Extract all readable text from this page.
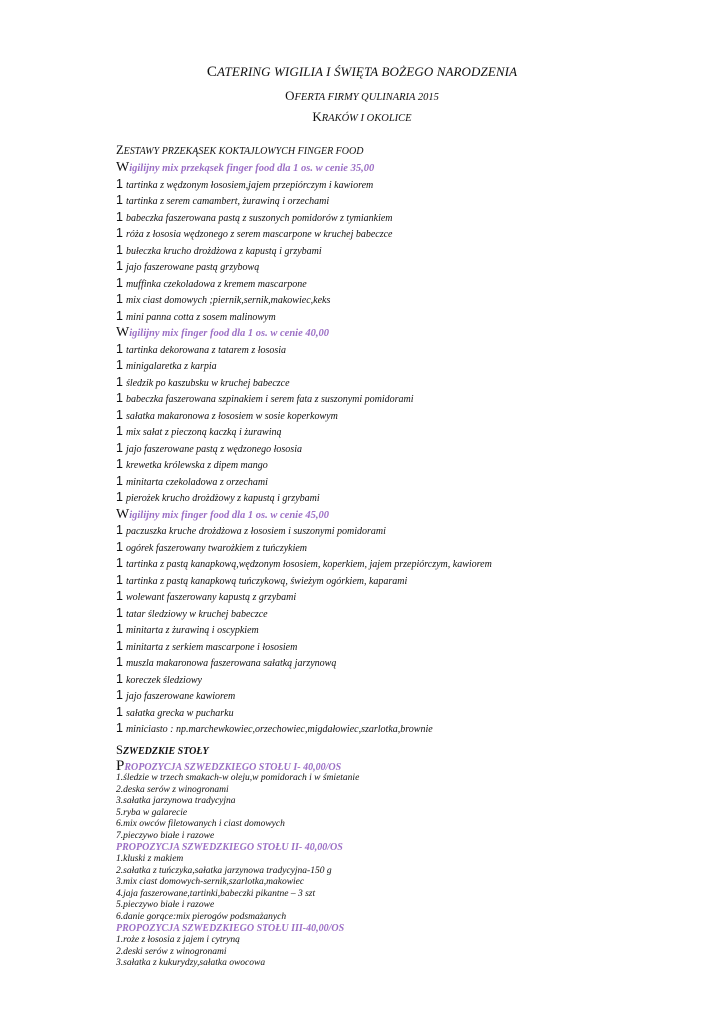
CATERING WIGILIA I ŚWIĘTA BOŻEGO NARODZENIA
OFERTA FIRMY QULINARIA 2015
KRAKÓW I OKOLICE
ZESTAWY PRZEKĄSEK KOKTAJLOWYCH FINGER FOOD
Wigilijny mix przekąsek finger food dla 1 os. w cenie 35,00
1 tartinka z wędzonym łososiem,jajem przepiórczym i kawiorem
1 tartinka z serem camambert, żurawiną i orzechami
1 babeczka faszerowana pastą z suszonych pomidorów z tymiankiem
1 róża z łososia wędzonego z serem mascarpone w kruchej babeczce
1 bułeczka krucho drożdżowa z kapustą i grzybami
1 jajo faszerowane pastą grzybową
1 muffinka czekoladowa z kremem mascarpone
1 mix ciast domowych ;piernik,sernik,makowiec,keks
1 mini panna cotta z sosem malinowym
Wigilijny mix finger food dla 1 os. w cenie 40,00
1 tartinka dekorowana z tatarem z łososia
1 minigalaretka z karpia
1 śledzik po kaszubsku w kruchej babeczce
1 babeczka faszerowana szpinakiem i serem fata z suszonymi pomidorami
1 sałatka makaronowa z łososiem w sosie koperkowym
1 mix sałat z pieczoną kaczką i żurawiną
1 jajo faszerowane pastą z wędzonego łososia
1 krewetka królewska z dipem mango
1 minitarta czekoladowa z orzechami
1 pierożek krucho drożdżowy z kapustą i grzybami
Wigilijny mix finger food dla 1 os. w cenie 45,00
1 paczuszka kruche drożdżowa z łososiem i suszonymi pomidorami
1 ogórek faszerowany twarożkiem z tuńczykiem
1 tartinka z pastą kanapkową,wędzonym łososiem, koperkiem, jajem przepiórczym, kawiorem
1 tartinka z pastą kanapkową tuńczykową, świeżym ogórkiem, kaparami
1 wolewant faszerowany kapustą z grzybami
1 tatar śledziowy w kruchej babeczce
1 minitarta z żurawiną i oscypkiem
1 minitarta z serkiem mascarpone i łososiem
1 muszla makaronowa faszerowana sałatką jarzynową
1 koreczek śledziowy
1 jajo faszerowane kawiorem
1 sałatka grecka w pucharku
1 miniciasto : np.marchewkowiec,orzechowiec,migdałowiec,szarlotka,brownie
SZWEDZKIE STOŁY
PROPOZYCJA SZWEDZKIEGO STOŁU I- 40,00/OS
1.śledzie w trzech smakach-w oleju,w pomidorach i w śmietanie
2.deska serów z winogronami
3.sałatka jarzynowa tradycyjna
5.ryba w galarecie
6.mix owców filetowanych i ciast domowych
7.pieczywo białe i razowe
PROPOZYCJA SZWEDZKIEGO STOŁU II- 40,00/OS
1.kluski z makiem
2.sałatka z tuńczyka,sałatka jarzynowa tradycyjna-150 g
3.mix ciast domowych-sernik,szarlotka,makowiec
4.jaja faszerowane,tartinki,babeczki pikantne – 3 szt
5.pieczywo białe i razowe
6.danie gorące:mix pierogów podsmażanych
PROPOZYCJA SZWEDZKIEGO STOŁU III-40,00/OS
1.roże z łososia z jajem i cytryną
2.deski serów z winogronami
3.sałatka z kukurydzy,sałatka owocowa
